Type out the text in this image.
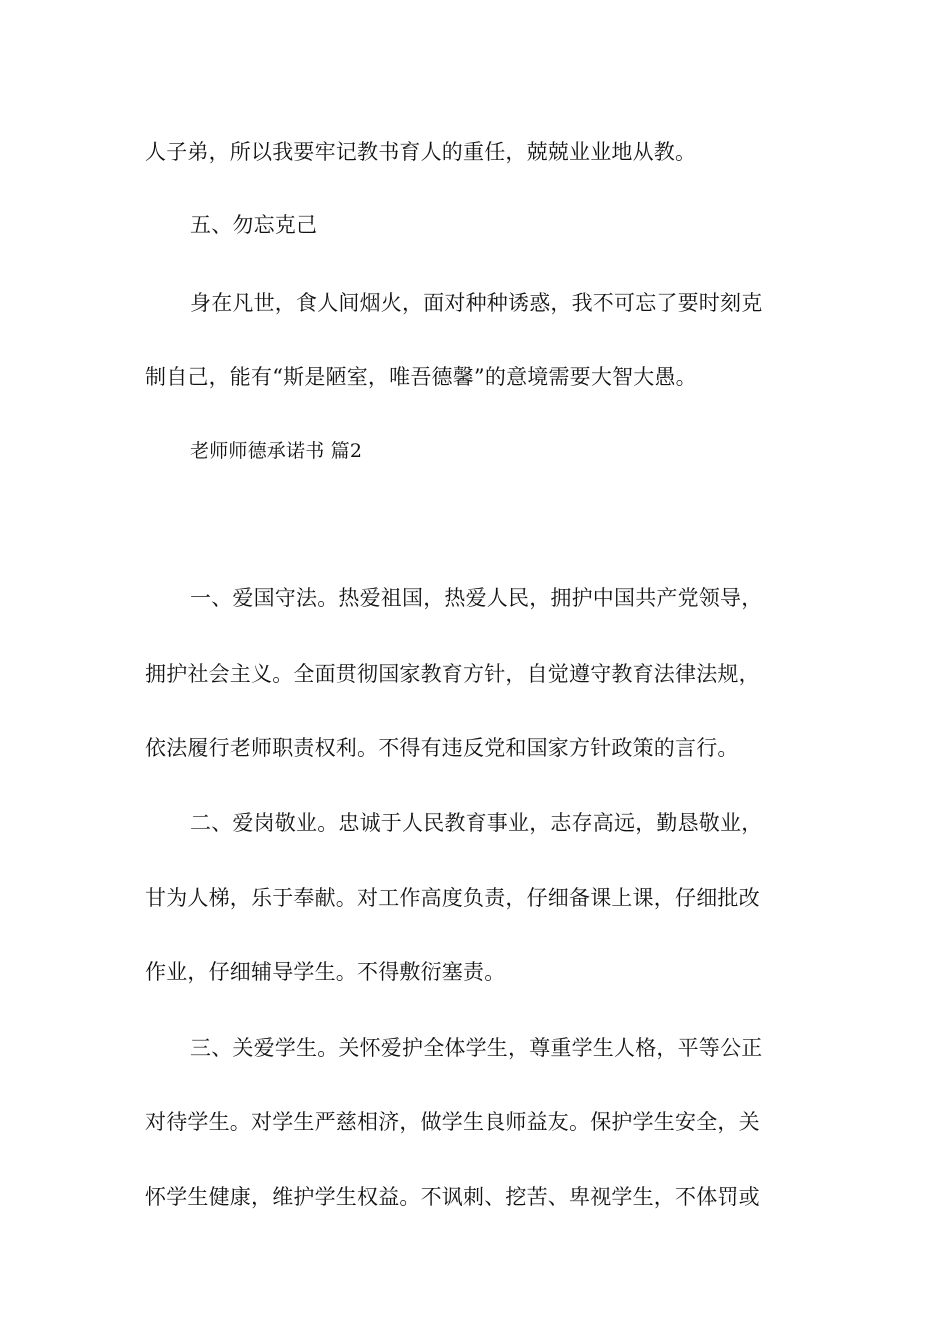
人子弟，所以我要牢记教书育人的重任，兢兢业业地从教。
五、勿忘克己
身在凡世，食人间烟火，面对种种诱惑，我不可忘了要时刻克
制自己，能有“斯是陋室，唯吾德馨”的意境需要大智大愚。
老师师德承诺书 篇2
一、爱国守法。热爱祖国，热爱人民，拥护中国共产党领导，
拥护社会主义。全面贯彻国家教育方针，自觉遵守教育法律法规，
依法履行老师职责权利。不得有违反党和国家方针政策的言行。
二、爱岗敬业。忠诚于人民教育事业，志存高远，勤恳敬业，
甘为人梯，乐于奉献。对工作高度负责，仔细备课上课，仔细批改
作业，仔细辅导学生。不得敷衍塞责。
三、关爱学生。关怀爱护全体学生，尊重学生人格，平等公正
对待学生。对学生严慈相济，做学生良师益友。保护学生安全，关
怀学生健康，维护学生权益。不讽刺、挖苦、卑视学生，不体罚或
